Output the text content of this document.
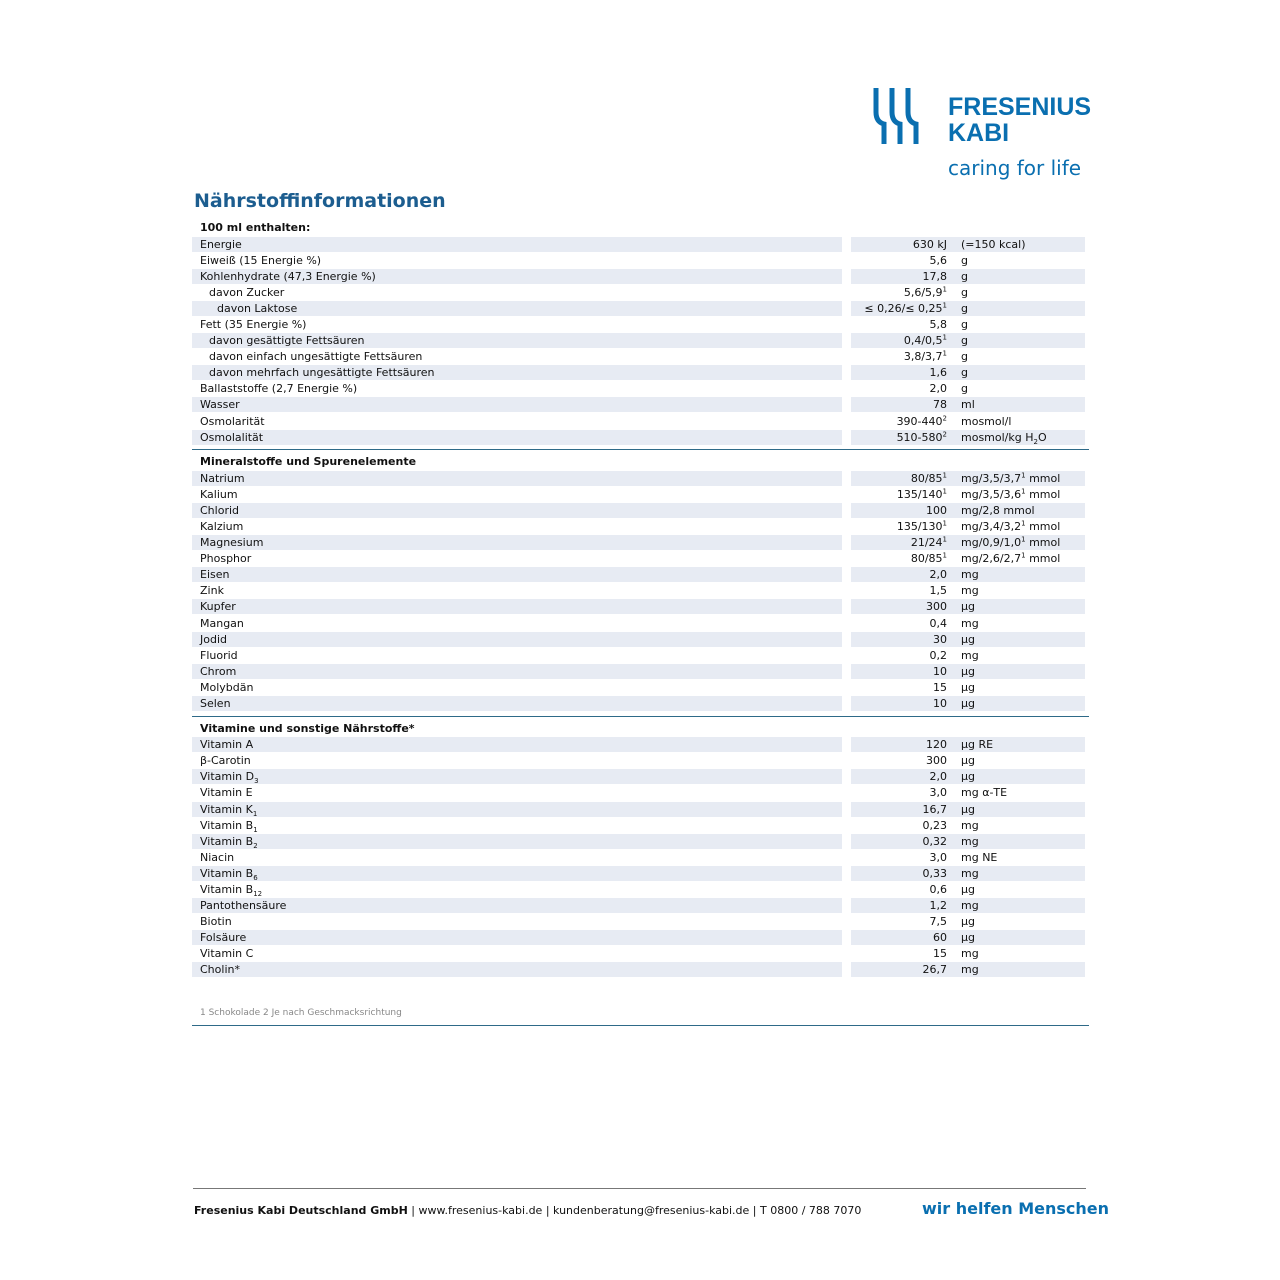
FRESENIUS
KABI
caring for life
Nährstoffinformationen
100 ml enthalten:
Energie	630 kJ	(=150 kcal)
Eiweiß (15 Energie %)	5,6	g
Kohlenhydrate (47,3 Energie %)	17,8	g
davon Zucker	$5,6/5,9^1$	g
davon Laktose	≤ $0,26/\le 0,25^1$	g
Fett (35 Energie %)	5,8	g
davon gesättigte Fettsäuren	$0,4/0,5^1$	g
davon einfach ungesättigte Fettsäuren	$3,8/3,7^1$	g
davon mehrfach ungesättigte Fettsäuren	1,6	g
Ballaststoffe (2,7 Energie %)	2,0	g
Wasser	78	ml
Osmolarität	$390-440^2$	mosmol/l
Osmolalität	$510-580^2$	mosmol/kg $H_2O$
Mineralstoffe und Spurenelemente
Natrium	$80/85^1$	$mg/3,5/3,7^1$ mmol
Kalium	$135/140^1$	$mg/3,5/3,6^1$ mmol
Chlorid	100	mg/2,8 mmol
Kalzium	$135/130^1$	$mg/3,4/3,2^1$ mmol
Magnesium	$21/24^1$	$mg/0,9/1,0^1$ mmol
Phosphor	$80/85^1$	$mg/2,6/2,7^1$ mmol
Eisen	2,0	mg
Zink	1,5	mg
Kupfer	300	µg
Mangan	0,4	mg
Jodid	30	µg
Fluorid	0,2	mg
Chrom	10	µg
Molybdän	15	µg
Selen	10	µg
Vitamine und sonstige Nährstoffe*
Vitamin A	120	µg RE
β-Carotin	300	µg
Vitamin $D_3$	2,0	µg
Vitamin E	3,0	mg α-TE
Vitamin $K_1$	16,7	µg
Vitamin $B_1$	0,23	mg
Vitamin $B_2$	0,32	mg
Niacin	3,0	mg NE
Vitamin $B_6$	0,33	mg
Vitamin $B_{12}$	0,6	µg
Pantothensäure	1,2	mg
Biotin	7,5	µg
Folsäure	60	µg
Vitamin C	15	mg
Cholin*	26,7	mg
1 Schokolade 2 Je nach Geschmacksrichtung
Fresenius Kabi Deutschland GmbH | www.fresenius-kabi.de | kundenberatung@fresenius-kabi.de | T 0800 / 788 7070	wir helfen Menschen
